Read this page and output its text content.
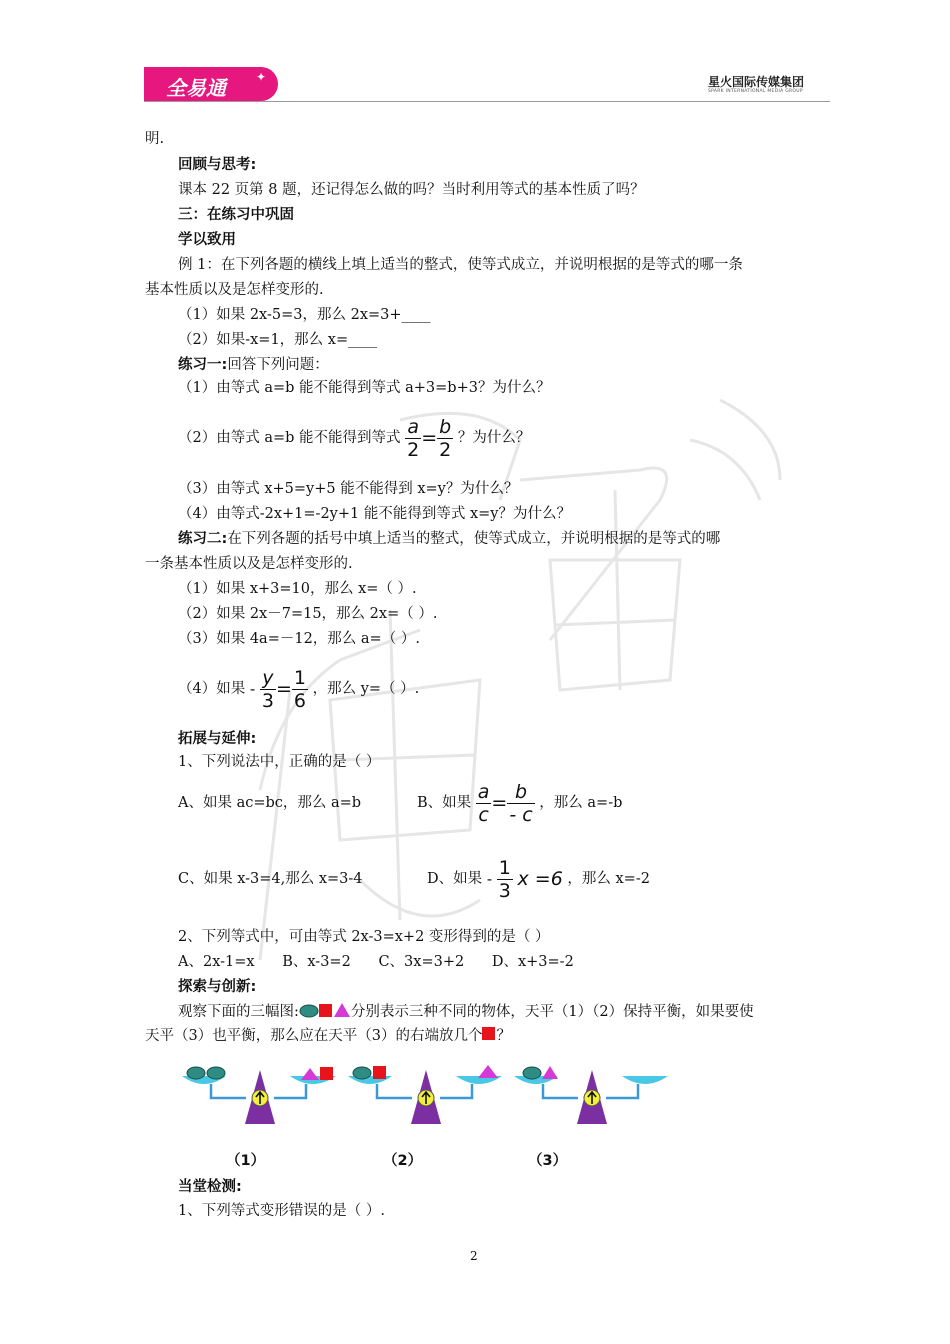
全易通	✦	星火国际传媒集团
SPARK INTERNATIONAL MEDIA GROUP
明.
回顾与思考:
课本 22 页第 8 题，还记得怎么做的吗？当时利用等式的基本性质了吗？
三：在练习中巩固
学以致用
例 1：在下列各题的横线上填上适当的整式，使等式成立，并说明根据的是等式的哪一条
基本性质以及是怎样变形的.
（1）如果 2x-5=3，那么 2x=3+____
（2）如果-x=1，那么 x=____
练习一:回答下列问题：
（1）由等式 a=b 能不能得到等式 a+3=b+3？为什么？
（2）由等式 a=b 能不能得到等式 $\frac{a}{2} = \frac{b}{2}$ ？为什么？
（3）由等式 x+5=y+5 能不能得到 x=y？为什么？
（4）由等式-2x+1=-2y+1 能不能得到等式 x=y？为什么？
练习二:在下列各题的括号中填上适当的整式，使等式成立，并说明根据的是等式的哪
一条基本性质以及是怎样变形的.
（1）如果 x+3=10，那么 x=（ ）.
（2）如果 2x－7=15，那么 2x=（ ）.
（3）如果 4a=－12，那么 a=（ ）.
（4）如果 - $\frac{y}{3} = \frac{1}{6}$ ，那么 y=（ ）.
拓展与延伸:
1、下列说法中，正确的是（ ）
A、如果 ac=bc，那么 a=b	B、如果 $\frac{a}{c} = \frac{b}{- c}$ ，那么 a=-b
C、如果 x-3=4,那么 x=3-4	D、如果 - $\frac{1}{3}$ x =6 ，那么 x=-2
2、下列等式中，可由等式 2x-3=x+2 变形得到的是（ ）
A、2x-1=x      B、x-3=2      C、3x=3+2      D、x+3=-2
探索与创新:
观察下面的三幅图:	分别表示三种不同的物体，天平（1）（2）保持平衡，如果要使
天平（3）也平衡，那么应在天平（3）的右端放几个 ？
（1）	（2）	（3）
当堂检测:
1、下列等式变形错误的是（ ）.
2
